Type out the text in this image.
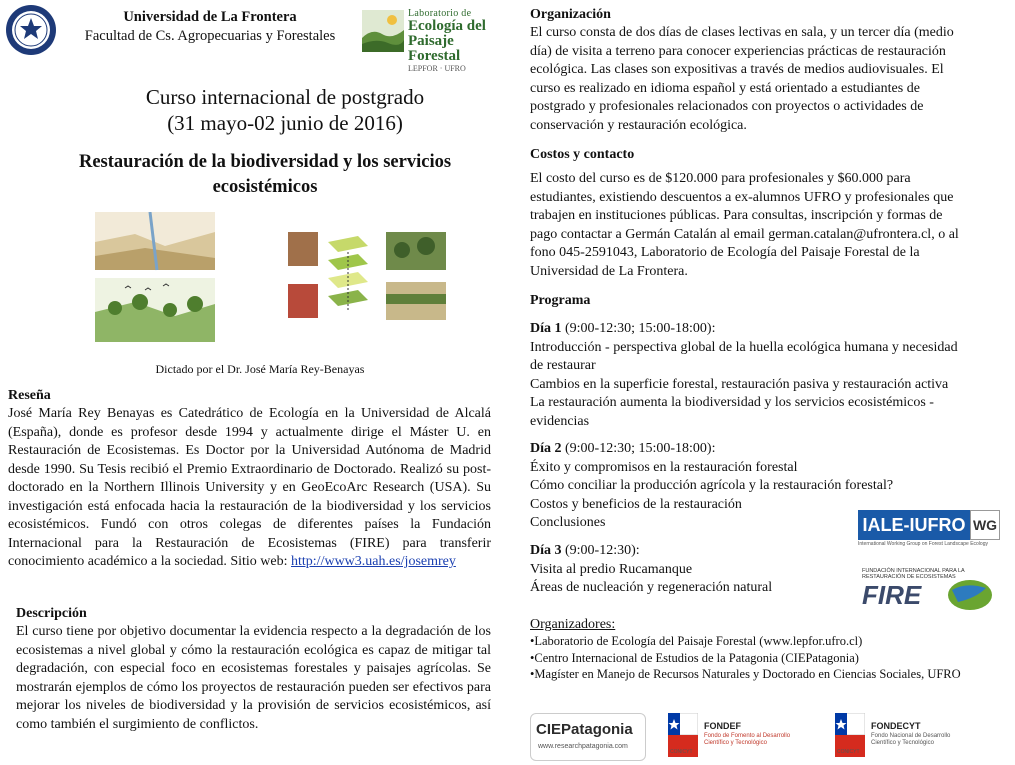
Universidad de La Frontera
Facultad de Cs. Agropecuarias y Forestales
Laboratorio de
Ecología del
Paisaje Forestal
LEPFOR · UFRO
Curso internacional de postgrado
(31 mayo-02 junio de 2016)
Restauración de la biodiversidad y los servicios
ecosistémicos
Dictado por el Dr. José María Rey-Benayas
Reseña

José María Rey Benayas es Catedrático de Ecología en la Universidad de Alcalá (España), donde es profesor desde 1994 y actualmente dirige el Máster U. en Restauración de Ecosistemas. Es Doctor por la Universidad Autónoma de Madrid desde 1990. Su Tesis recibió el Premio Extraordinario de Doctorado. Realizó su post-doctorado en la Northern Illinois University y en GeoEcoArc Research (USA). Su investigación está enfocada hacia la restauración de la biodiversidad y los servicios ecosistémicos. Fundó con otros colegas de diferentes países la Fundación Internacional para la Restauración de Ecosistemas (FIRE) para transferir conocimiento académico a la sociedad. Sitio web: http://www3.uah.es/josemrey

Descripción

El curso tiene por objetivo documentar la evidencia respecto a la degradación de los ecosistemas a nivel global y cómo la restauración ecológica es capaz de mitigar tal degradación, con especial foco en ecosistemas forestales y paisajes agrícolas. Se mostrarán ejemplos de cómo los proyectos de restauración pueden ser efectivos para mejorar los niveles de biodiversidad y la provisión de servicios ecosistémicos, así como también el surgimiento de conflictos.

Organización

El curso consta de dos días de clases lectivas en sala, y un tercer día (medio día) de visita a terreno para conocer experiencias prácticas de restauración ecológica. Las clases son expositivas a través de medios audiovisuales. El curso es realizado en idioma español y está orientado a estudiantes de postgrado y profesionales relacionados con proyectos o actividades de conservación y restauración ecológica.

Costos y contacto

El costo del curso es de $120.000 para profesionales y $60.000 para estudiantes, existiendo descuentos a ex-alumnos UFRO y profesionales que trabajen en instituciones públicas. Para consultas, inscripción y formas de pago contactar a Germán Catalán al email german.catalan@ufrontera.cl, o al fono 045-2591043, Laboratorio de Ecología del Paisaje Forestal de la Universidad de La Frontera.

Programa
Día 1 (9:00-12:30; 15:00-18:00):
Introducción - perspectiva global de la huella ecológica humana y necesidad de restaurar
Cambios en la superficie forestal, restauración pasiva y restauración activa
La restauración aumenta la biodiversidad y los servicios ecosistémicos - evidencias
Día 2 (9:00-12:30; 15:00-18:00):
Éxito y compromisos en la restauración forestal
Cómo conciliar la producción agrícola y la restauración forestal?
Costos y beneficios de la restauración
Conclusiones
Día 3 (9:00-12:30):
Visita al predio Rucamanque
Áreas de nucleación y regeneración natural
Organizadores:
•Laboratorio de Ecología del Paisaje Forestal (www.lepfor.ufro.cl)
•Centro Internacional de Estudios de la Patagonia (CIEPatagonia)
•Magíster en Manejo de Recursos Naturales y Doctorado en Ciencias Sociales, UFRO
IALE-IUFRO WG
International Working Group on Forest Landscape Ecology
FUNDACIÓN INTERNACIONAL PARA LA RESTAURACIÓN DE ECOSISTEMAS
FIRE
CIEPatagonia
www.researchpatagonia.com
CONICYT
FONDEF
Fondo de Fomento al Desarrollo Científico y Tecnológico
CONICYT
FONDECYT
Fondo Nacional de Desarrollo Científico y Tecnológico
